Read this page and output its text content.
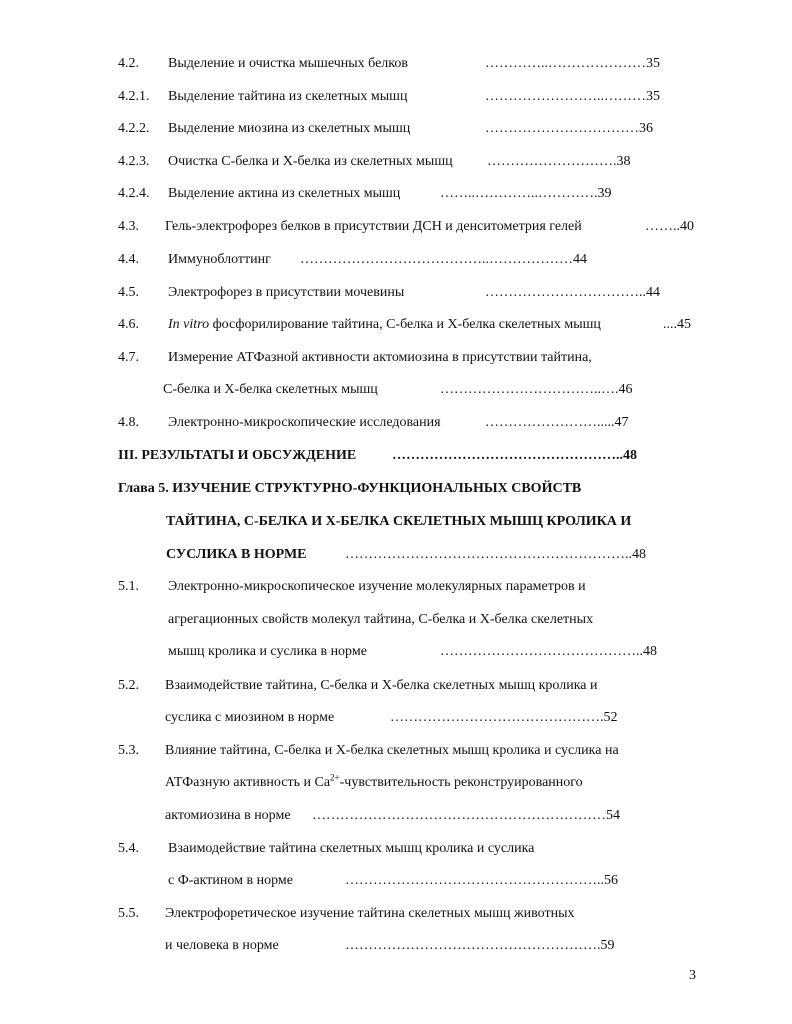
4.2. Выделение и очистка мышечных белков	…………..…………………35
4.2.1. Выделение тайтина из скелетных мышц	……………………..………35
4.2.2. Выделение миозина из скелетных мышц	……………………………36
4.2.3. Очистка С-белка и Х-белка из скелетных мышц ……………………….38
4.2.4. Выделение актина из скелетных мышц	……..…………..………….39
4.3. Гель-электрофорез белков в присутствии ДСН и денситометрия гелей	……..40
4.4. Иммуноблоттинг …………………………………..………………44
4.5. Электрофорез в присутствии мочевины	……………………………..44
4.6. In vitro фосфорилирование тайтина, С-белка и Х-белка скелетных мышц	....45
4.7. Измерение АТФазной активности актомиозина в присутствии тайтина,
С-белка и Х-белка скелетных мышц	……………………………..….46
4.8. Электронно-микроскопические исследования	…………………….....47
III. РЕЗУЛЬТАТЫ И ОБСУЖДЕНИЕ	…………………………………………..48
Глава 5. ИЗУЧЕНИЕ СТРУКТУРНО-ФУНКЦИОНАЛЬНЫХ СВОЙСТВ
ТАЙТИНА, С-БЕЛКА И Х-БЕЛКА СКЕЛЕТНЫХ МЫШЦ КРОЛИКА И
СУСЛИКА В НОРМЕ	……………………………………………………..48
5.1. Электронно-микроскопическое изучение молекулярных параметров и
агрегационных свойств молекул тайтина, С-белка и Х-белка скелетных
мышц кролика и суслика в норме	……………………………………..48
5.2. Взаимодействие тайтина, С-белка и Х-белка скелетных мышц кролика и
суслика с миозином в норме	……………………………………….52
5.3. Влияние тайтина, С-белка и Х-белка скелетных мышц кролика и суслика на
АТФазную активность и $Са^{2+}$-чувствительность реконструированного
актомиозина в норме ………………………………………………………54
5.4. Взаимодействие тайтина скелетных мышц кролика и суслика
с Ф-актином в норме	………………………………………………..56
5.5. Электрофоретическое изучение тайтина скелетных мышц животных
и человека в норме	……………………………………………….59
3
